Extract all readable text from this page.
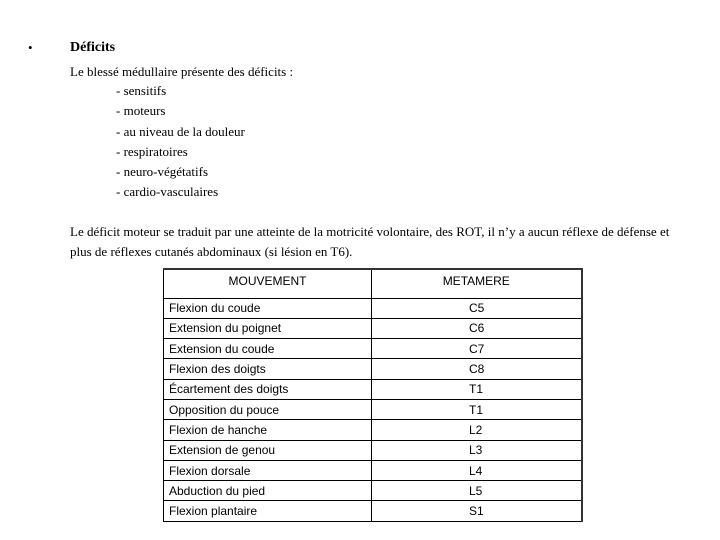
•	Déficits
Le blessé médullaire présente des déficits :
- sensitifs
- moteurs
- au niveau de la douleur
- respiratoires
- neuro-végétatifs
- cardio-vasculaires

Le déficit moteur se traduit par une atteinte de la motricité volontaire, des ROT, il n’y a aucun réflexe de défense et plus de réflexes cutanés abdominaux (si lésion en T6).

MOUVEMENT	METAMERE
Flexion du coude	C5
Extension du poignet	C6
Extension du coude	C7
Flexion des doigts	C8
Écartement des doigts	T1
Opposition du pouce	T1
Flexion de hanche	L2
Extension de genou	L3
Flexion dorsale	L4
Abduction du pied	L5
Flexion plantaire	S1
